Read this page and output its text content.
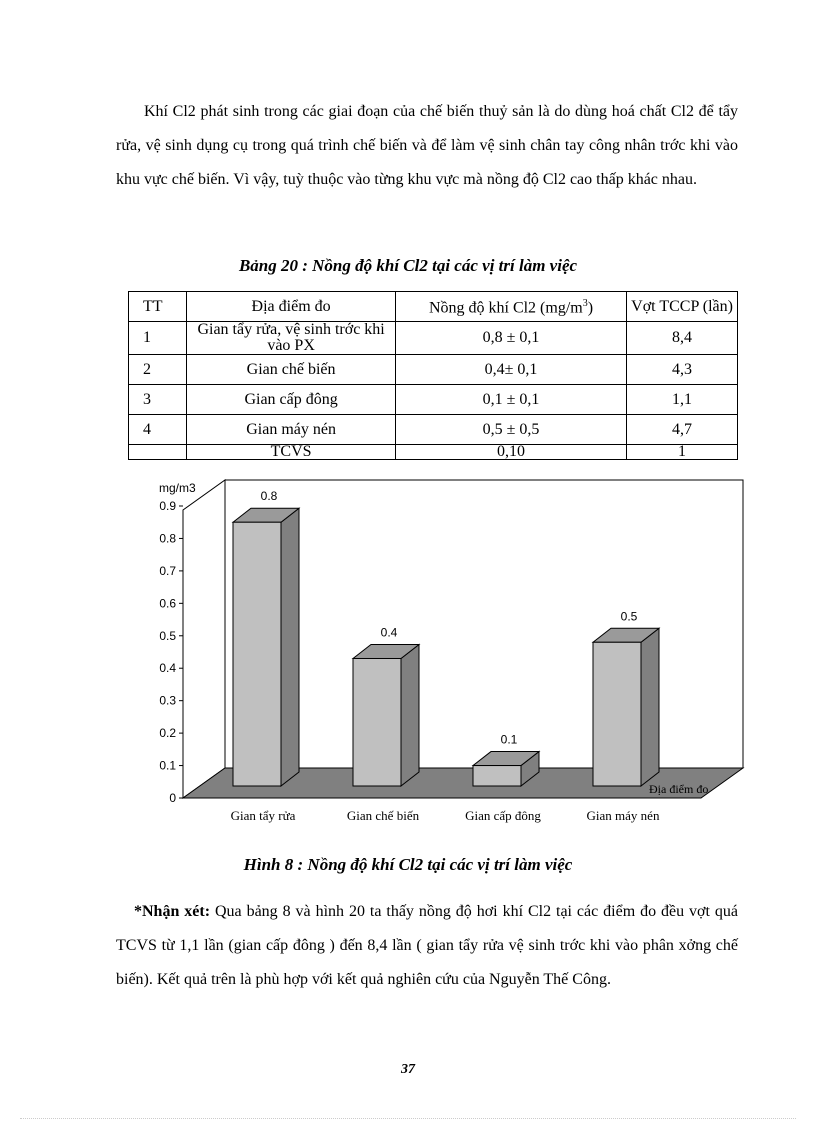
Khí Cl2 phát sinh trong các giai đoạn của chế biến thuỷ sản là do dùng hoá chất Cl2 để tẩy rửa, vệ sinh dụng cụ trong quá trình chế biến và để làm vệ sinh chân tay công nhân trớc khi vào khu vực chế biến. Vì vậy, tuỳ thuộc vào từng khu vực mà nồng độ Cl2 cao thấp khác nhau.
Bảng 20 : Nồng độ khí Cl2 tại các vị trí làm việc
TT	Địa điểm đo	Nồng độ khí Cl2 $(mg/m^3)$	Vợt TCCP (lần)
1	Gian tẩy rửa, vệ sinh trớc khi vào PX	0,8 ± 0,1	8,4
2	Gian chế biến	0,4± 0,1	4,3
3	Gian cấp đông	0,1 ± 0,1	1,1
4	Gian máy nén	0,5 ± 0,5	4,7
	TCVS	0,10	1
0
0.1
0.2
0.3
0.4
0.5
0.6
0.7
0.8
0.9
0.8
Gian tẩy rửa
0.4
Gian chế biến
0.1
Gian cấp đông
0.5
Gian máy nén
mg/m3
Địa điểm đo
Hình 8 : Nồng độ khí Cl2 tại các vị trí làm việc
*Nhận xét: Qua bảng 8 và hình 20 ta thấy nồng độ hơi khí Cl2 tại các điểm đo đều vợt quá TCVS từ 1,1 lần (gian cấp đông ) đến 8,4 lần ( gian tẩy rửa vệ sinh trớc khi vào phân xởng chế biến). Kết quả trên là phù hợp với kết quả nghiên cứu của Nguyễn Thế Công.
37
